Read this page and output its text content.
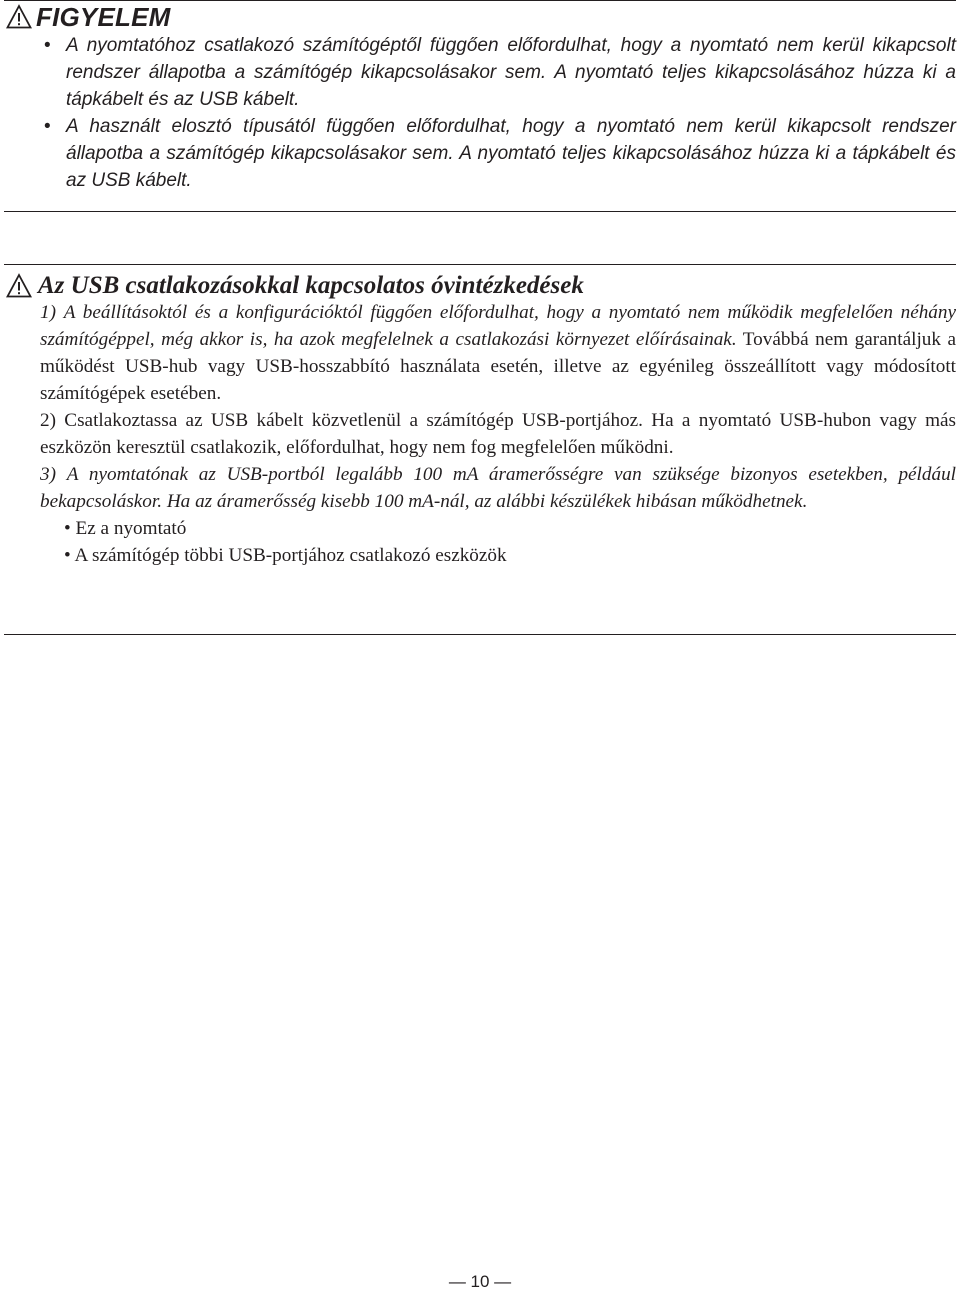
FIGYELEM
• A nyomtatóhoz csatlakozó számítógéptől függően előfordulhat, hogy a nyomtató nem kerül kikapcsolt rendszer állapotba a számítógép kikapcsolásakor sem. A nyomtató teljes kikapcsolásához húzza ki a tápkábelt és az USB kábelt.
• A használt elosztó típusától függően előfordulhat, hogy a nyomtató nem kerül kikapcsolt rendszer állapotba a számítógép kikapcsolásakor sem. A nyomtató teljes kikapcsolásához húzza ki a tápkábelt és az USB kábelt.
Az USB csatlakozásokkal kapcsolatos óvintézkedések

1) A beállításoktól és a konfigurációktól függően előfordulhat, hogy a nyomtató nem működik megfelelően néhány számítógéppel, még akkor is, ha azok megfelelnek a csatlakozási környezet előírásainak. Továbbá nem garantáljuk a működést USB-hub vagy USB-hosszabbító használata esetén, illetve az egyénileg összeállított vagy módosított számítógépek esetében.

2) Csatlakoztassa az USB kábelt közvetlenül a számítógép USB-portjához. Ha a nyomtató USB-hubon vagy más eszközön keresztül csatlakozik, előfordulhat, hogy nem fog megfelelően működni.

3) A nyomtatónak az USB-portból legalább 100 mA áramerősségre van szüksége bizonyos esetekben, például bekapcsoláskor. Ha az áramerősség kisebb 100 mA-nál, az alábbi készülékek hibásan működhetnek.

• Ez a nyomtató
• A számítógép többi USB-portjához csatlakozó eszközök
— 10 —
